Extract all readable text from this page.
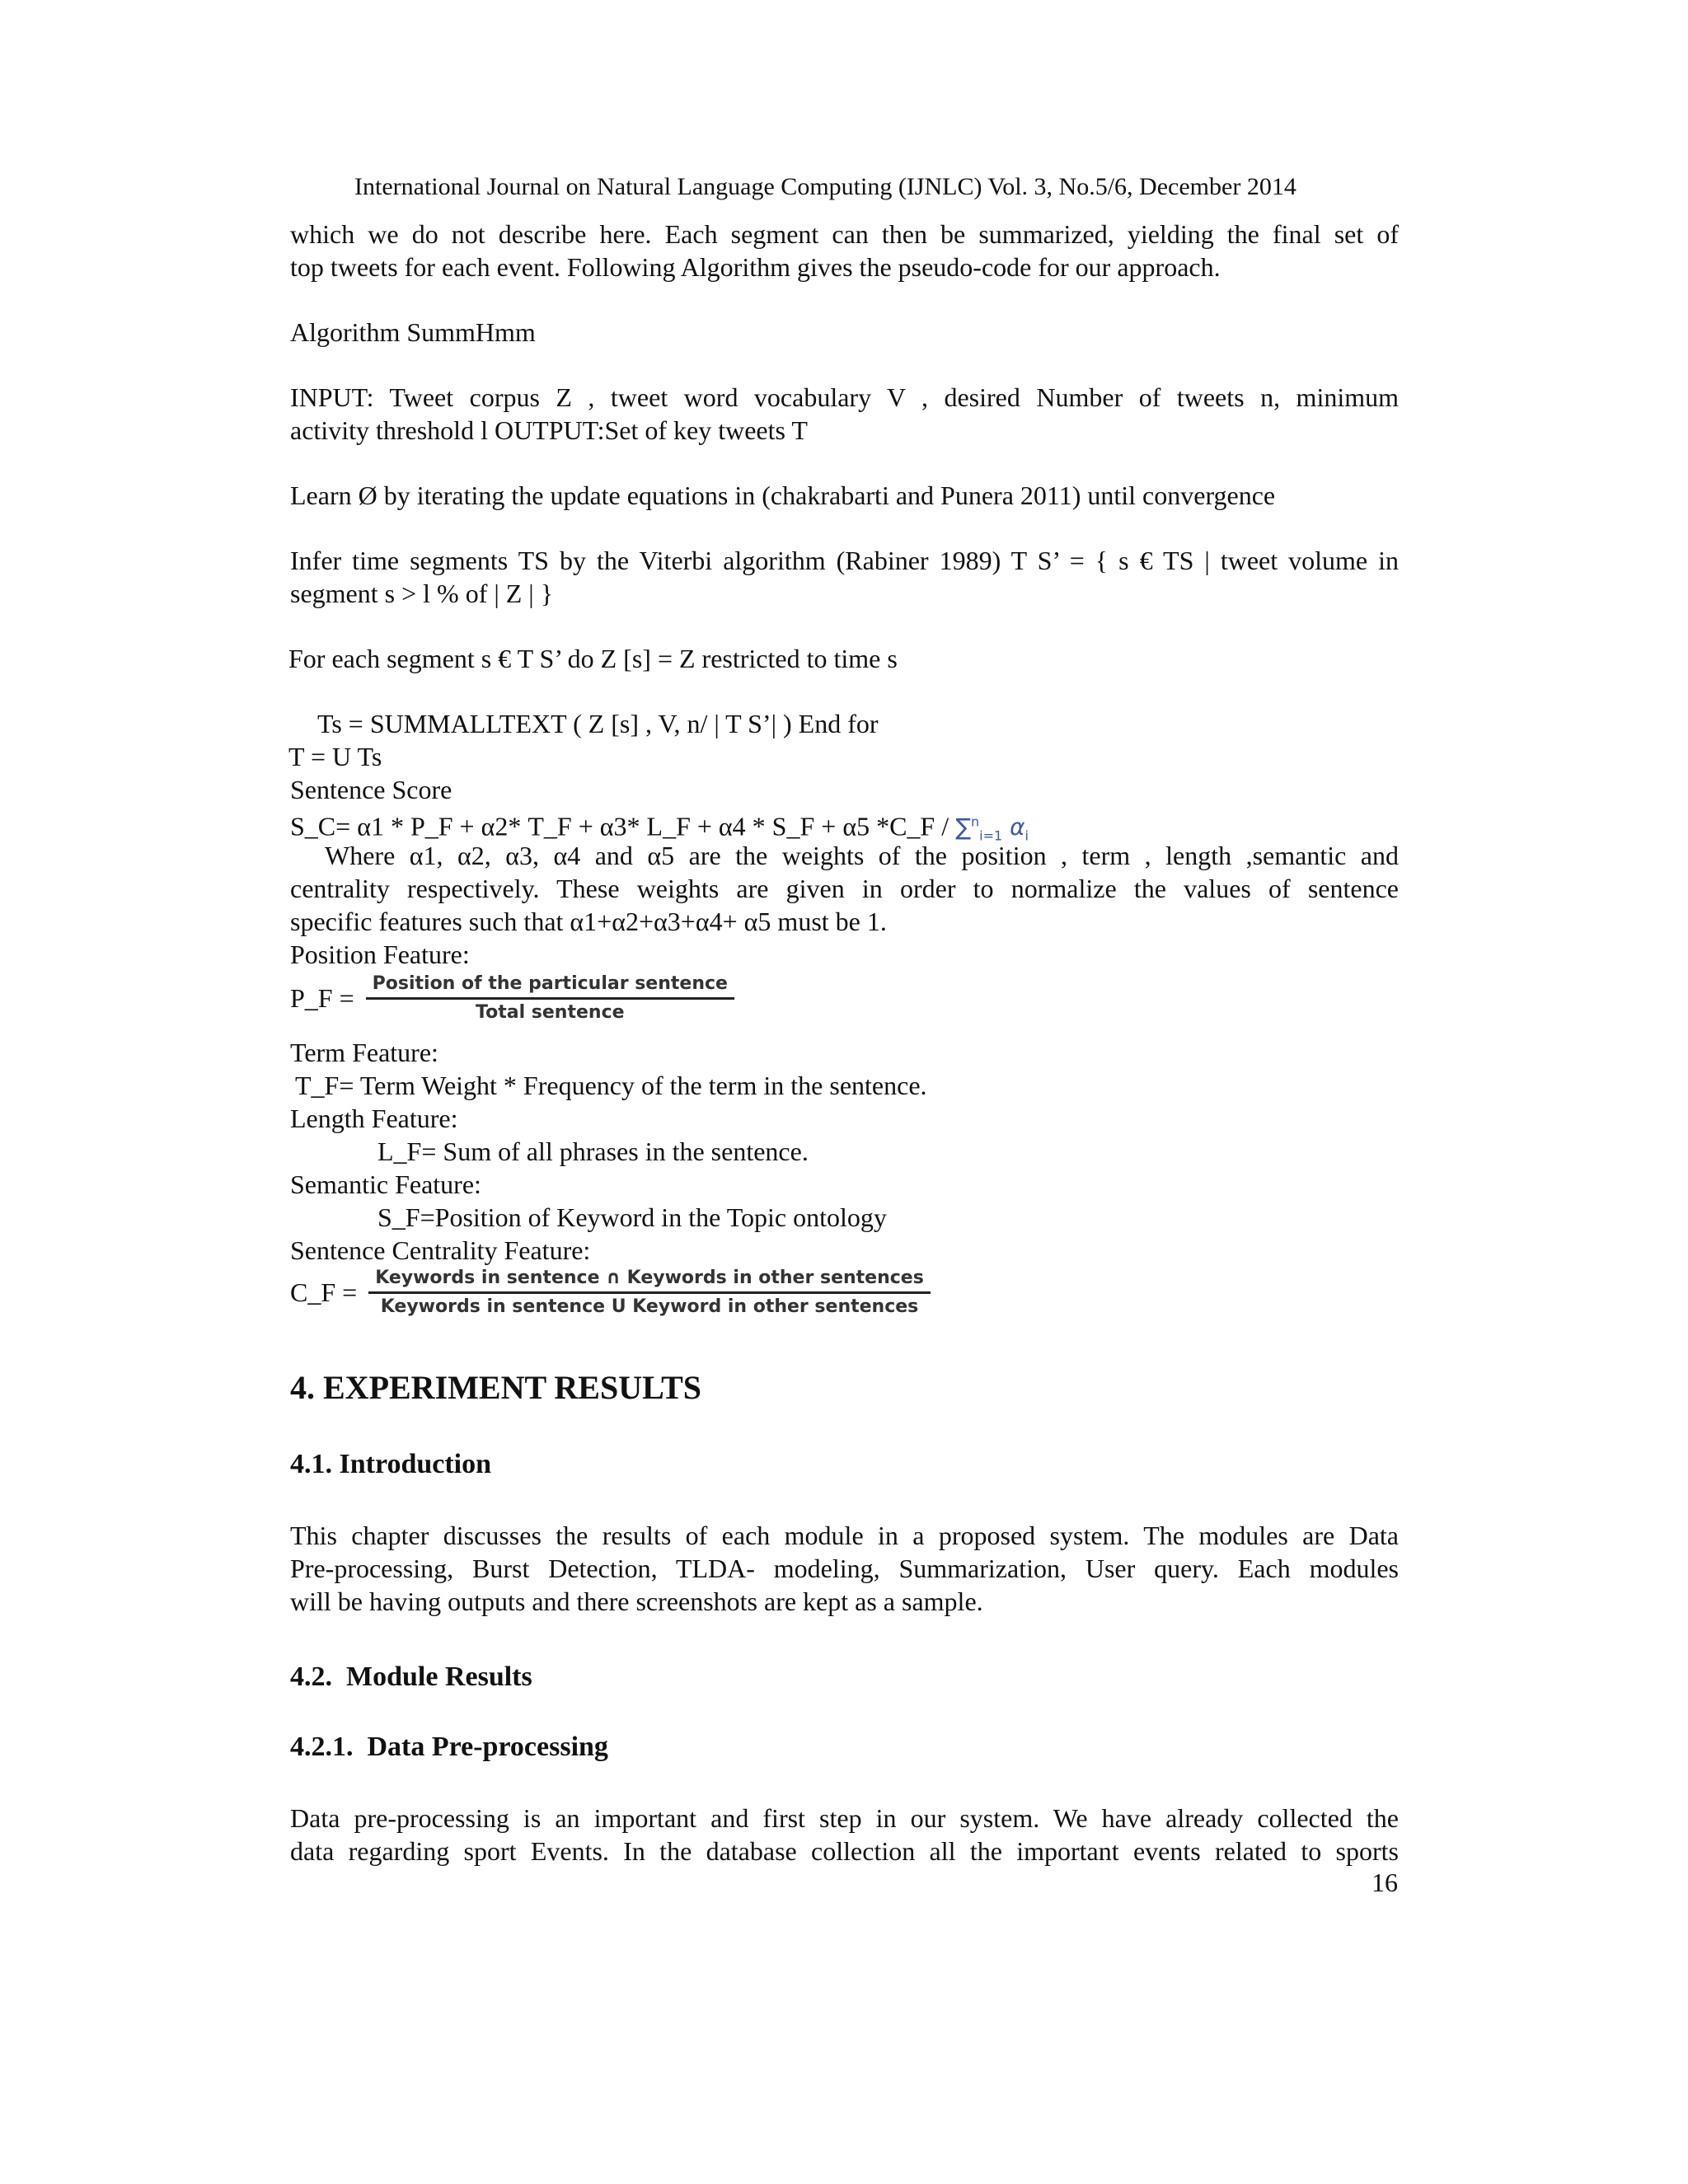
International Journal on Natural Language Computing (IJNLC) Vol. 3, No.5/6, December 2014
which we do not describe here. Each segment can then be summarized, yielding the final set of
top tweets for each event. Following Algorithm gives the pseudo-code for our approach.
Algorithm SummHmm
INPUT: Tweet corpus Z , tweet word vocabulary V , desired Number of tweets n, minimum
activity threshold l OUTPUT:Set of key tweets T
Learn Ø by iterating the update equations in (chakrabarti and Punera 2011) until convergence
Infer time segments TS by the Viterbi algorithm (Rabiner 1989) T S’ = { s € TS | tweet volume in
segment s > l % of | Z | }
For each segment s € T S’ do Z [s] = Z restricted to time s
Ts = SUMMALLTEXT ( Z [s] , V, n/ | T S’| ) End for
T = U Ts
Sentence Score
S_C= α1 * P_F + α2* T_F + α3* L_F + α4 * S_F + α5 *C_F / ∑$^n_{i=1}$ $\alpha_i$
Where α1, α2, α3, α4 and α5 are the weights of the position , term , length ,semantic and
centrality respectively. These weights are given in order to normalize the values of sentence
specific features such that α1+α2+α3+α4+ α5 must be 1.
Position Feature:
P_F = $\frac{\text{Position of the particular sentence}}{\text{Total sentence}}$
Term Feature:
T_F= Term Weight * Frequency of the term in the sentence.
Length Feature:
L_F= Sum of all phrases in the sentence.
Semantic Feature:
S_F=Position of Keyword in the Topic ontology
Sentence Centrality Feature:
C_F = $\frac{\text{Keywords in sentence ∩ Keywords in other sentences}}{\text{Keywords in sentence U Keyword in other sentences}}$
4. EXPERIMENT RESULTS
4.1. Introduction
This chapter discusses the results of each module in a proposed system. The modules are Data
Pre-processing, Burst Detection, TLDA- modeling, Summarization, User query. Each modules
will be having outputs and there screenshots are kept as a sample.
4.2.  Module Results
4.2.1.  Data Pre-processing
Data pre-processing is an important and first step in our system. We have already collected the
data regarding sport Events. In the database collection all the important events related to sports
16
